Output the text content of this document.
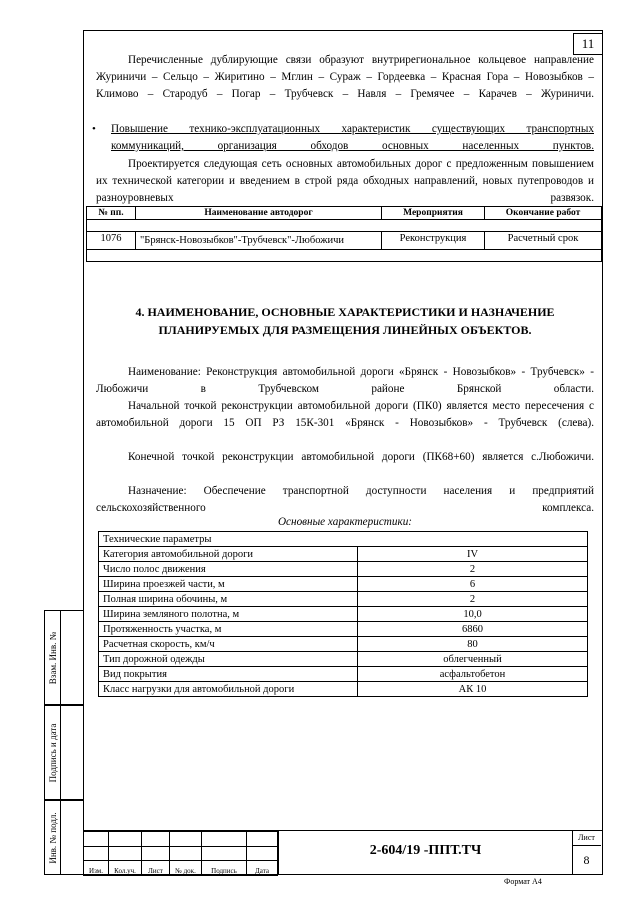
11
Взам. Инв. №
Подпись и дата
Инв. № подл.
Перечисленные дублирующие связи образуют внутрирегиональное кольцевое направление Журиничи – Сельцо – Жиритино – Мглин – Сураж – Гордеевка – Красная Гора – Новозыбков – Климово – Стародуб – Погар – Трубчевск – Навля – Гремячее – Карачев – Журиничи.
• Повышение технико-эксплуатационных характеристик существующих транспортных коммуникаций, организация обходов основных населенных пунктов.
Проектируется следующая сеть основных автомобильных дорог с предложенным повышением их технической категории и введением в строй ряда обходных направлений, новых путепроводов и разноуровневых развязок.
№ пп.	Наименование автодорог	Мероприятия	Окончание работ

1076	"Брянск-Новозыбков"-Трубчевск"-Любожичи	Реконструкция	Расчетный срок

4. НАИМЕНОВАНИЕ, ОСНОВНЫЕ ХАРАКТЕРИСТИКИ И НАЗНАЧЕНИЕ ПЛАНИРУЕМЫХ ДЛЯ РАЗМЕЩЕНИЯ ЛИНЕЙНЫХ ОБЪЕКТОВ.
Наименование: Реконструкция автомобильной дороги «Брянск - Новозыбков» - Трубчевск» - Любожичи в Трубчевском районе Брянской области.
Начальной точкой реконструкции автомобильной дороги (ПК0) является место пересечения с автомобильной дороги 15 ОП РЗ 15К-301 «Брянск - Новозыбков» - Трубчевск (слева).
Конечной точкой реконструкции автомобильной дороги (ПК68+60) является с.Любожичи.
Назначение: Обеспечение транспортной доступности населения и предприятий сельскохозяйственного комплекса.
Основные характеристики:
Технические параметры	
Категория автомобильной дороги	IV
Число полос движения	2
Ширина проезжей части, м	6
Полная ширина обочины, м	2
Ширина земляного полотна, м	10,0
Протяженность участка, м	6860
Расчетная скорость, км/ч	80
Тип дорожной одежды	облегченный
Вид покрытия	асфальтобетон
Класс нагрузки для автомобильной дороги	АК 10

Изм.	Кол.уч.	Лист	№ док.	Подпись	Дата
2-604/19 -ППТ.ТЧ
Лист
8
Формат А4
